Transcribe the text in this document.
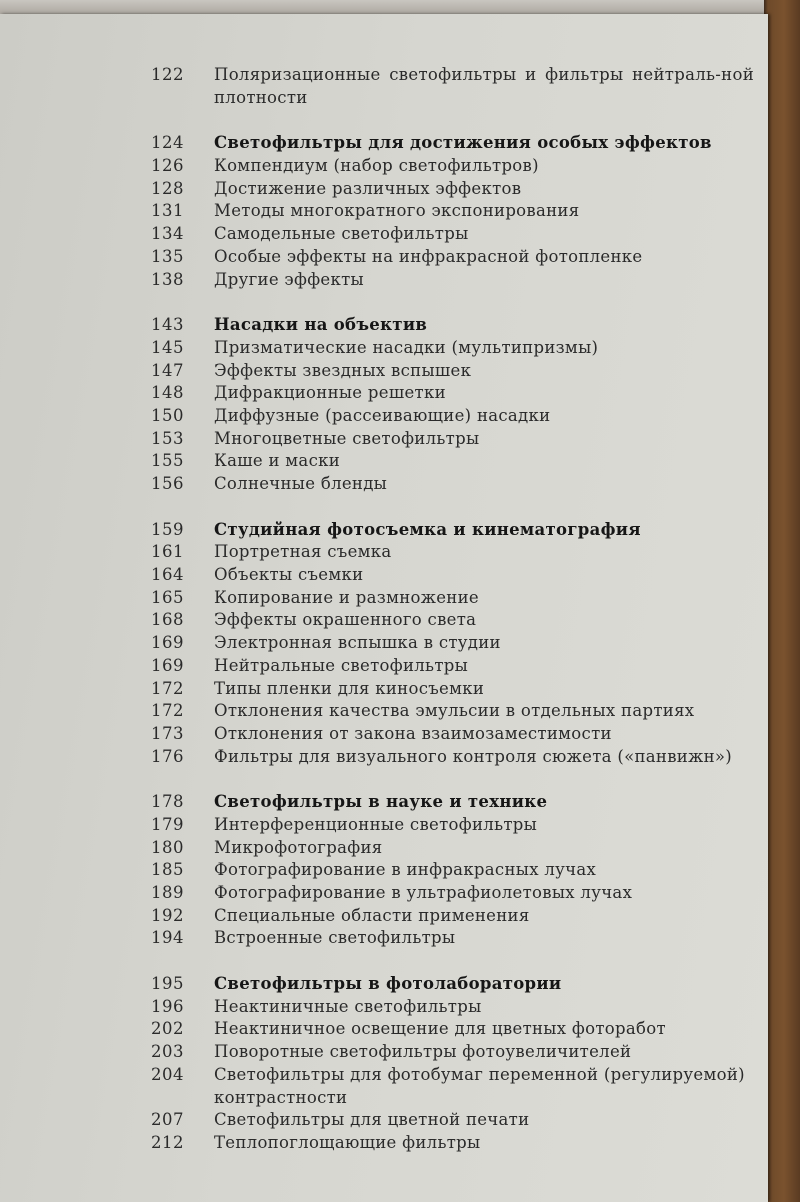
122 Поляризационные светофильтры и фильтры нейтраль-ной плотности
124 Светофильтры для достижения особых эффектов
126 Компендиум (набор светофильтров)
128 Достижение различных эффектов
131 Методы многократного экспонирования
134 Самодельные светофильтры
135 Особые эффекты на инфракрасной фотопленке
138 Другие эффекты
143 Насадки на объектив
145 Призматические насадки (мультипризмы)
147 Эффекты звездных вспышек
148 Дифракционные решетки
150 Диффузные (рассеивающие) насадки
153 Многоцветные светофильтры
155 Каше и маски
156 Солнечные бленды
159 Студийная фотосъемка и кинематография
161 Портретная съемка
164 Объекты съемки
165 Копирование и размножение
168 Эффекты окрашенного света
169 Электронная вспышка в студии
169 Нейтральные светофильтры
172 Типы пленки для киносъемки
172 Отклонения качества эмульсии в отдельных партиях
173 Отклонения от закона взаимозаместимости
176 Фильтры для визуального контроля сюжета («панвижн»)
178 Светофильтры в науке и технике
179 Интерференционные светофильтры
180 Микрофотография
185 Фотографирование в инфракрасных лучах
189 Фотографирование в ультрафиолетовых лучах
192 Специальные области применения
194 Встроенные светофильтры
195 Светофильтры в фотолаборатории
196 Неактиничные светофильтры
202 Неактиничное освещение для цветных фоторабот
203 Поворотные светофильтры фотоувеличителей
204 Светофильтры для фотобумаг переменной (регулируемой) контрастности
207 Светофильтры для цветной печати
212 Теплопоглощающие фильтры
